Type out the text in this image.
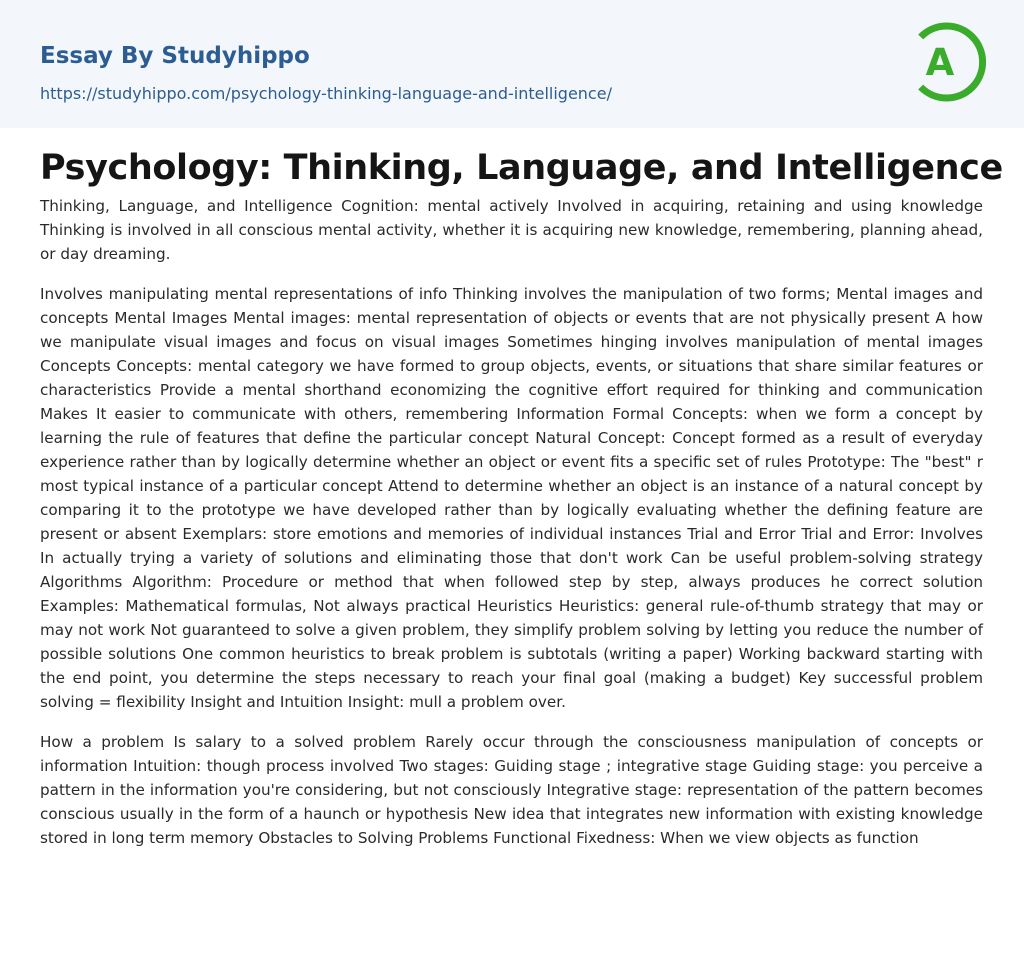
Essay By Studyhippo
https://studyhippo.com/psychology-thinking-language-and-intelligence/
A
Psychology: Thinking, Language, and Intelligence

Thinking, Language, and Intelligence Cognition: mental actively Involved in acquiring, retaining and using knowledge Thinking is involved in all conscious mental activity, whether it is acquiring new knowledge, remembering, planning ahead, or day dreaming.

Involves manipulating mental representations of info Thinking involves the manipulation of two forms; Mental images and concepts Mental Images Mental images: mental representation of objects or events that are not physically present A how we manipulate visual images and focus on visual images Sometimes hinging involves manipulation of mental images Concepts Concepts: mental category we have formed to group objects, events, or situations that share similar features or characteristics Provide a mental shorthand economizing the cognitive effort required for thinking and communication Makes It easier to communicate with others, remembering Information Formal Concepts: when we form a concept by learning the rule of features that define the particular concept Natural Concept: Concept formed as a result of everyday experience rather than by logically determine whether an object or event fits a specific set of rules Prototype: The "best" r most typical instance of a particular concept Attend to determine whether an object is an instance of a natural concept by comparing it to the prototype we have developed rather than by logically evaluating whether the defining feature are present or absent Exemplars: store emotions and memories of individual instances Trial and Error Trial and Error: Involves In actually trying a variety of solutions and eliminating those that don't work Can be useful problem-solving strategy Algorithms Algorithm: Procedure or method that when followed step by step, always produces he correct solution Examples: Mathematical formulas, Not always practical Heuristics Heuristics: general rule-of-thumb strategy that may or may not work Not guaranteed to solve a given problem, they simplify problem solving by letting you reduce the number of possible solutions One common heuristics to break problem is subtotals (writing a paper) Working backward starting with the end point, you determine the steps necessary to reach your final goal (making a budget) Key successful problem solving = flexibility Insight and Intuition Insight: mull a problem over.

How a problem Is salary to a solved problem Rarely occur through the consciousness manipulation of concepts or information Intuition: though process involved Two stages: Guiding stage ; integrative stage Guiding stage: you perceive a pattern in the information you're considering, but not consciously Integrative stage: representation of the pattern becomes conscious usually in the form of a haunch or hypothesis New idea that integrates new information with existing knowledge stored in long term memory Obstacles to Solving Problems Functional Fixedness: When we view objects as function
